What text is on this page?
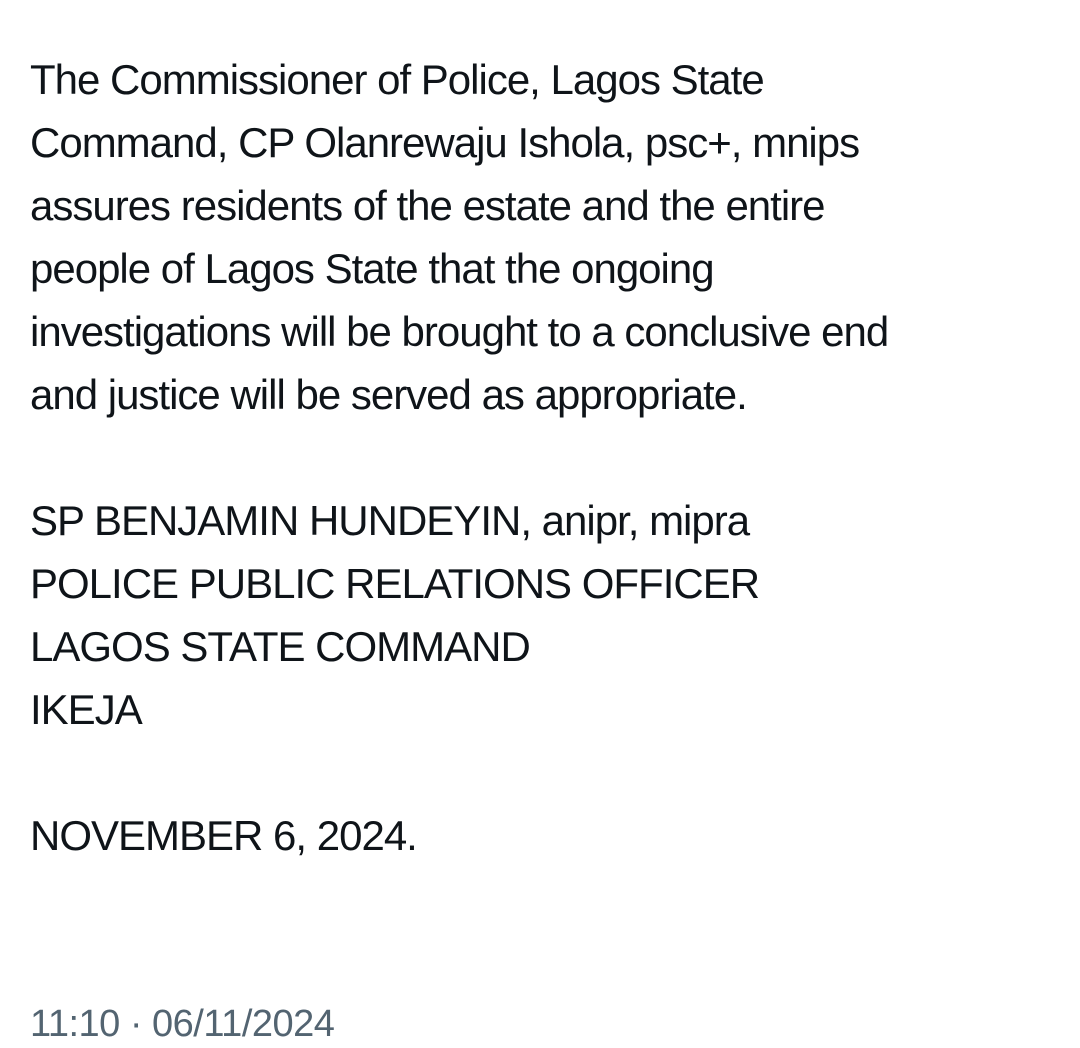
The Commissioner of Police, Lagos State
Command, CP Olanrewaju Ishola, psc+, mnips
assures residents of the estate and the entire
people of Lagos State that the ongoing
investigations will be brought to a conclusive end
and justice will be served as appropriate.
SP BENJAMIN HUNDEYIN, anipr, mipra
POLICE PUBLIC RELATIONS OFFICER
LAGOS STATE COMMAND
IKEJA
NOVEMBER 6, 2024.
11:10 · 06/11/2024
